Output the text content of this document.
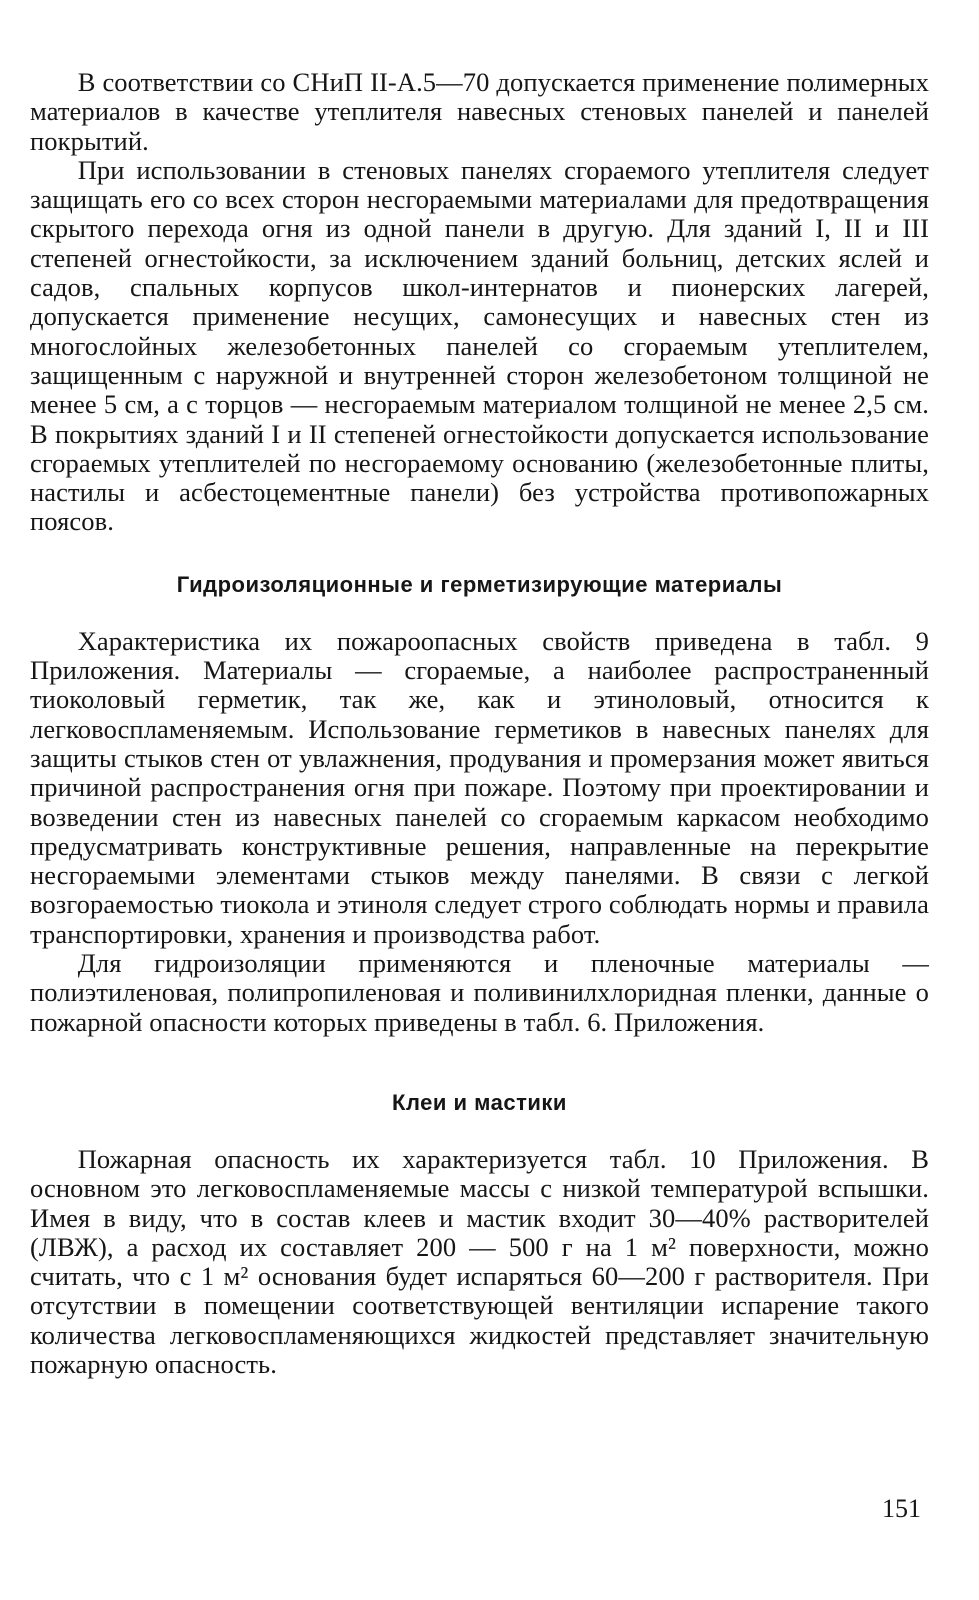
В соответствии со СНиП II-А.5—70 допускается применение полимерных материалов в качестве утеплителя навесных стеновых панелей и панелей покрытий.

При использовании в стеновых панелях сгораемого утеплителя следует защищать его со всех сторон несгораемыми материалами для предотвращения скрытого перехода огня из одной панели в другую. Для зданий I, II и III степеней огнестойкости, за исключением зданий больниц, детских яслей и садов, спальных корпусов школ-интернатов и пионерских лагерей, допускается применение несущих, самонесущих и навесных стен из многослойных железобетонных панелей со сгораемым утеплителем, защищенным с наружной и внутренней сторон железобетоном толщиной не менее 5 см, а с торцов — несгораемым материалом толщиной не менее 2,5 см. В покрытиях зданий I и II степеней огнестойкости допускается использование сгораемых утеплителей по несгораемому основанию (железобетонные плиты, настилы и асбестоцементные панели) без устройства противопожарных поясов.

Гидроизоляционные и герметизирующие материалы

Характеристика их пожароопасных свойств приведена в табл. 9 Приложения. Материалы — сгораемые, а наиболее распространенный тиоколовый герметик, так же, как и этиноловый, относится к легковоспламеняемым. Использование герметиков в навесных панелях для защиты стыков стен от увлажнения, продувания и промерзания может явиться причиной распространения огня при пожаре. Поэтому при проектировании и возведении стен из навесных панелей со сгораемым каркасом необходимо предусматривать конструктивные решения, направленные на перекрытие несгораемыми элементами стыков между панелями. В связи с легкой возгораемостью тиокола и этиноля следует строго соблюдать нормы и правила транспортировки, хранения и производства работ.

Для гидроизоляции применяются и пленочные материалы — полиэтиленовая, полипропиленовая и поливинилхлоридная пленки, данные о пожарной опасности которых приведены в табл. 6. Приложения.

Клеи и мастики

Пожарная опасность их характеризуется табл. 10 Приложения. В основном это легковоспламеняемые массы с низкой температурой вспышки. Имея в виду, что в состав клеев и мастик входит 30—40% растворителей (ЛВЖ), а расход их составляет 200 — 500 г на 1 м² поверхности, можно считать, что с 1 м² основания будет испаряться 60—200 г растворителя. При отсутствии в помещении соответствующей вентиляции испарение такого количества легковоспламеняющихся жидкостей представляет значительную пожарную опасность.

151
